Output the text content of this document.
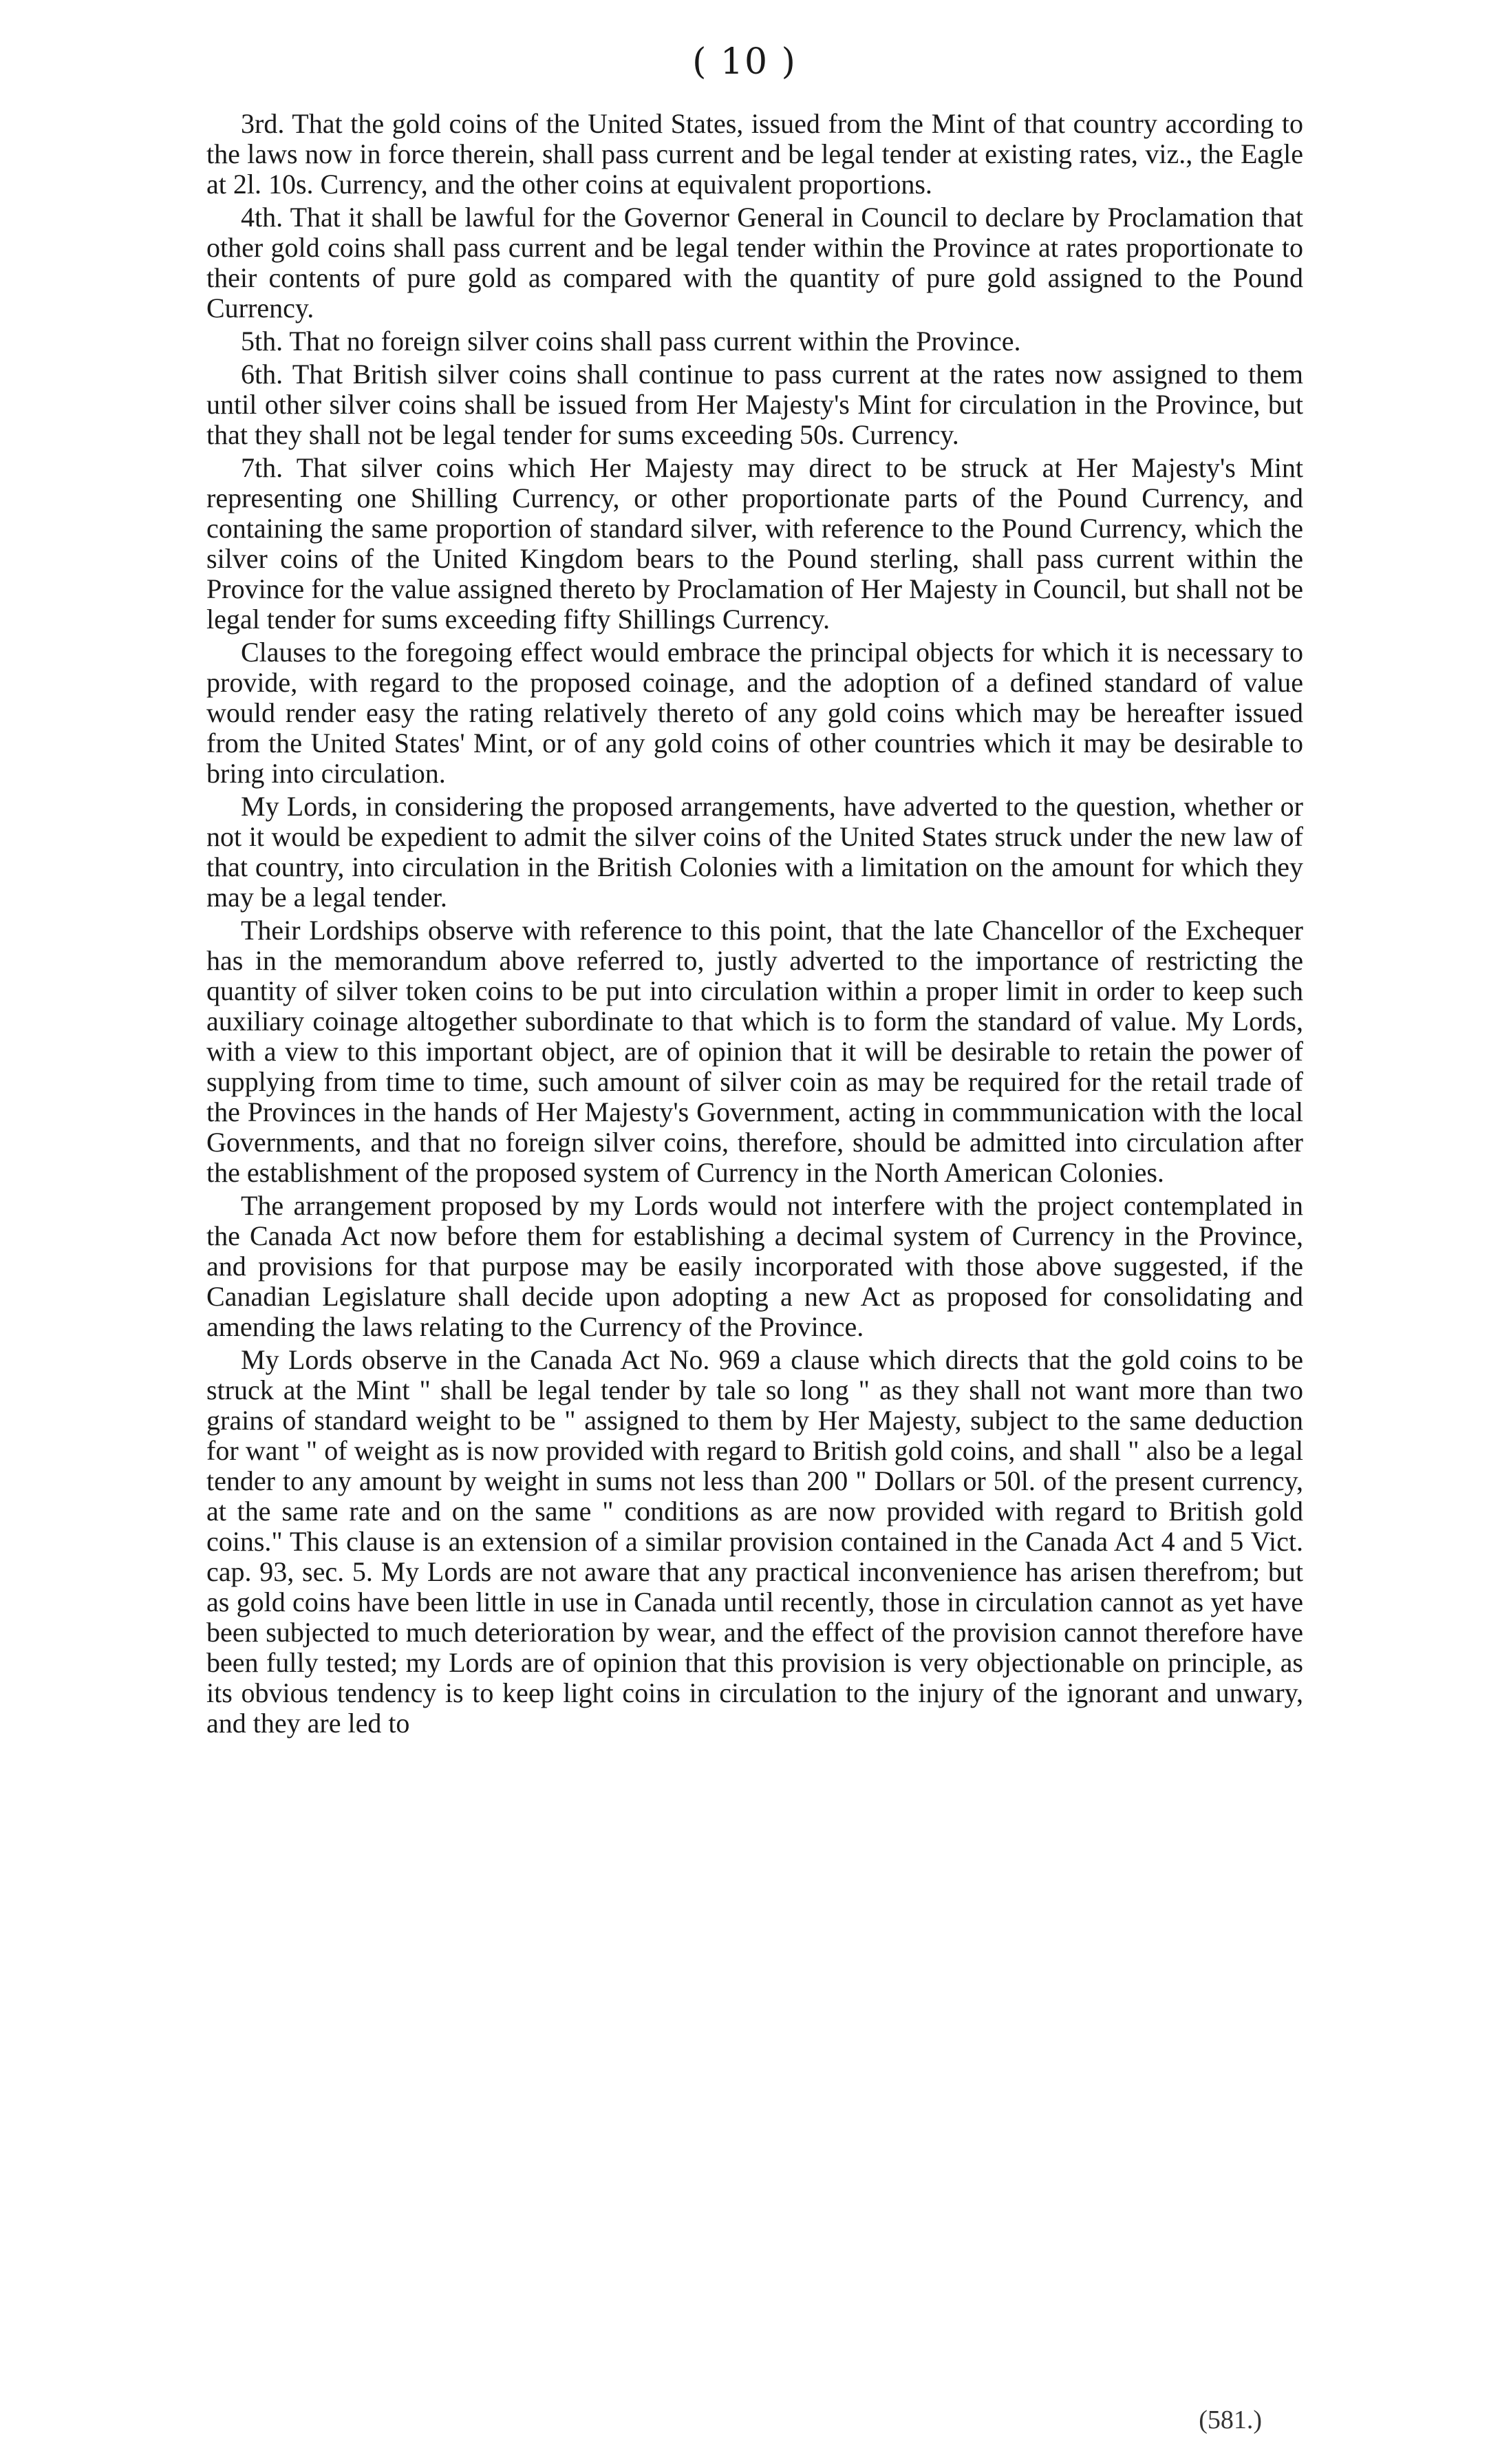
( 10 )

3rd. That the gold coins of the United States, issued from the Mint of that country according to the laws now in force therein, shall pass current and be legal tender at existing rates, viz., the Eagle at 2l. 10s. Currency, and the other coins at equivalent proportions.

4th. That it shall be lawful for the Governor General in Council to declare by Proclamation that other gold coins shall pass current and be legal tender within the Province at rates proportionate to their contents of pure gold as compared with the quantity of pure gold assigned to the Pound Currency.

5th. That no foreign silver coins shall pass current within the Province.

6th. That British silver coins shall continue to pass current at the rates now assigned to them until other silver coins shall be issued from Her Majesty's Mint for circulation in the Province, but that they shall not be legal tender for sums exceeding 50s. Currency.

7th. That silver coins which Her Majesty may direct to be struck at Her Majesty's Mint representing one Shilling Currency, or other proportionate parts of the Pound Currency, and containing the same proportion of standard silver, with reference to the Pound Currency, which the silver coins of the United Kingdom bears to the Pound sterling, shall pass current within the Province for the value assigned thereto by Proclamation of Her Majesty in Council, but shall not be legal tender for sums exceeding fifty Shillings Currency.

Clauses to the foregoing effect would embrace the principal objects for which it is necessary to provide, with regard to the proposed coinage, and the adoption of a defined standard of value would render easy the rating relatively thereto of any gold coins which may be hereafter issued from the United States' Mint, or of any gold coins of other countries which it may be desirable to bring into circulation.

My Lords, in considering the proposed arrangements, have adverted to the question, whether or not it would be expedient to admit the silver coins of the United States struck under the new law of that country, into circulation in the British Colonies with a limitation on the amount for which they may be a legal tender.

Their Lordships observe with reference to this point, that the late Chancellor of the Exchequer has in the memorandum above referred to, justly adverted to the importance of restricting the quantity of silver token coins to be put into circulation within a proper limit in order to keep such auxiliary coinage altogether subordinate to that which is to form the standard of value. My Lords, with a view to this important object, are of opinion that it will be desirable to retain the power of supplying from time to time, such amount of silver coin as may be required for the retail trade of the Provinces in the hands of Her Majesty's Government, acting in commmunication with the local Governments, and that no foreign silver coins, therefore, should be admitted into circulation after the establishment of the proposed system of Currency in the North American Colonies.

The arrangement proposed by my Lords would not interfere with the project contemplated in the Canada Act now before them for establishing a decimal system of Currency in the Province, and provisions for that purpose may be easily incorporated with those above suggested, if the Canadian Legislature shall decide upon adopting a new Act as proposed for consolidating and amending the laws relating to the Currency of the Province.

My Lords observe in the Canada Act No. 969 a clause which directs that the gold coins to be struck at the Mint " shall be legal tender by tale so long " as they shall not want more than two grains of standard weight to be " assigned to them by Her Majesty, subject to the same deduction for want " of weight as is now provided with regard to British gold coins, and shall " also be a legal tender to any amount by weight in sums not less than 200 " Dollars or 50l. of the present currency, at the same rate and on the same " conditions as are now provided with regard to British gold coins." This clause is an extension of a similar provision contained in the Canada Act 4 and 5 Vict. cap. 93, sec. 5. My Lords are not aware that any practical inconvenience has arisen therefrom; but as gold coins have been little in use in Canada until recently, those in circulation cannot as yet have been subjected to much deterioration by wear, and the effect of the provision cannot therefore have been fully tested; my Lords are of opinion that this provision is very objectionable on principle, as its obvious tendency is to keep light coins in circulation to the injury of the ignorant and unwary, and they are led to

(581.)
